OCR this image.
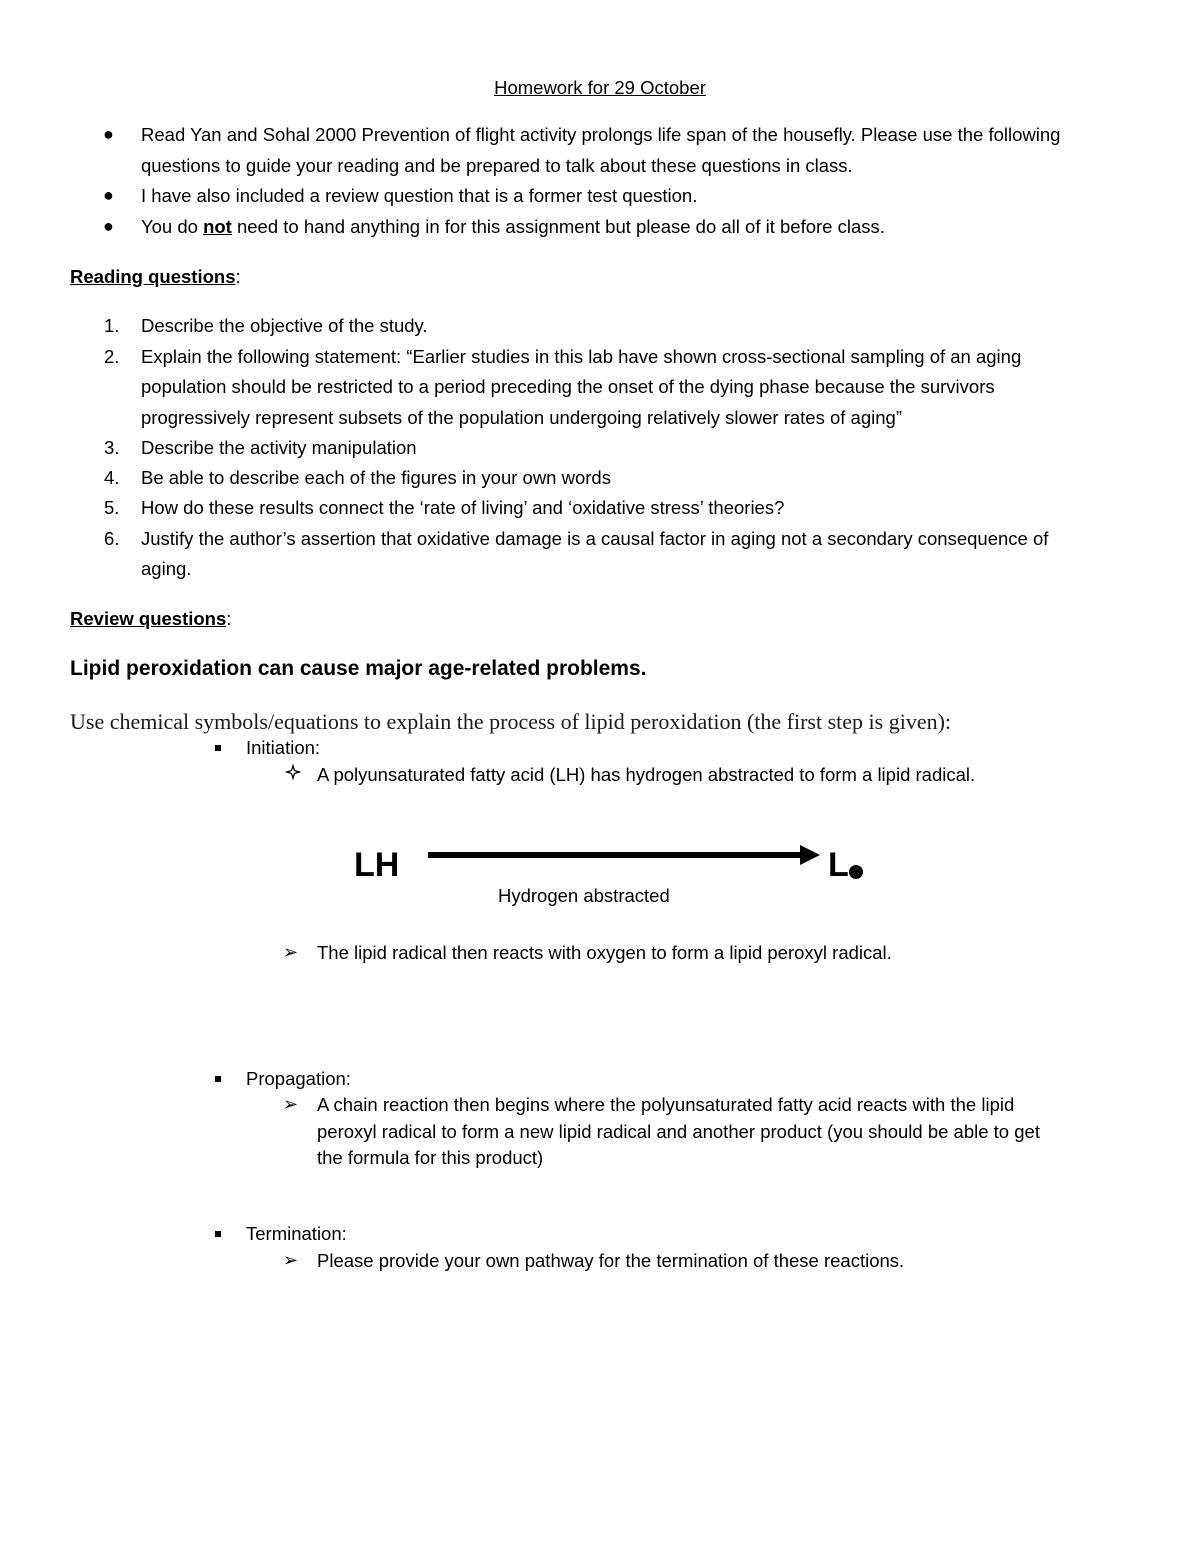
Homework for 29 October
● Read Yan and Sohal 2000 Prevention of flight activity prolongs life span of the housefly. Please use the following
questions to guide your reading and be prepared to talk about these questions in class.
● I have also included a review question that is a former test question.
● You do not need to hand anything in for this assignment but please do all of it before class.
Reading questions:
1. Describe the objective of the study.
2. Explain the following statement: “Earlier studies in this lab have shown cross-sectional sampling of an aging
population should be restricted to a period preceding the onset of the dying phase because the survivors
progressively represent subsets of the population undergoing relatively slower rates of aging”
3. Describe the activity manipulation
4. Be able to describe each of the figures in your own words
5. How do these results connect the ‘rate of living’ and ‘oxidative stress’ theories?
6. Justify the author’s assertion that oxidative damage is a causal factor in aging not a secondary consequence of
aging.
Review questions:
Lipid peroxidation can cause major age-related problems.
Use chemical symbols/equations to explain the process of lipid peroxidation (the first step is given):
Initiation:
A polyunsaturated fatty acid (LH) has hydrogen abstracted to form a lipid radical.
LH	L
Hydrogen abstracted
➢ The lipid radical then reacts with oxygen to form a lipid peroxyl radical.
Propagation:
➢ A chain reaction then begins where the polyunsaturated fatty acid reacts with the lipid
peroxyl radical to form a new lipid radical and another product (you should be able to get
the formula for this product)
Termination:
➢ Please provide your own pathway for the termination of these reactions.
